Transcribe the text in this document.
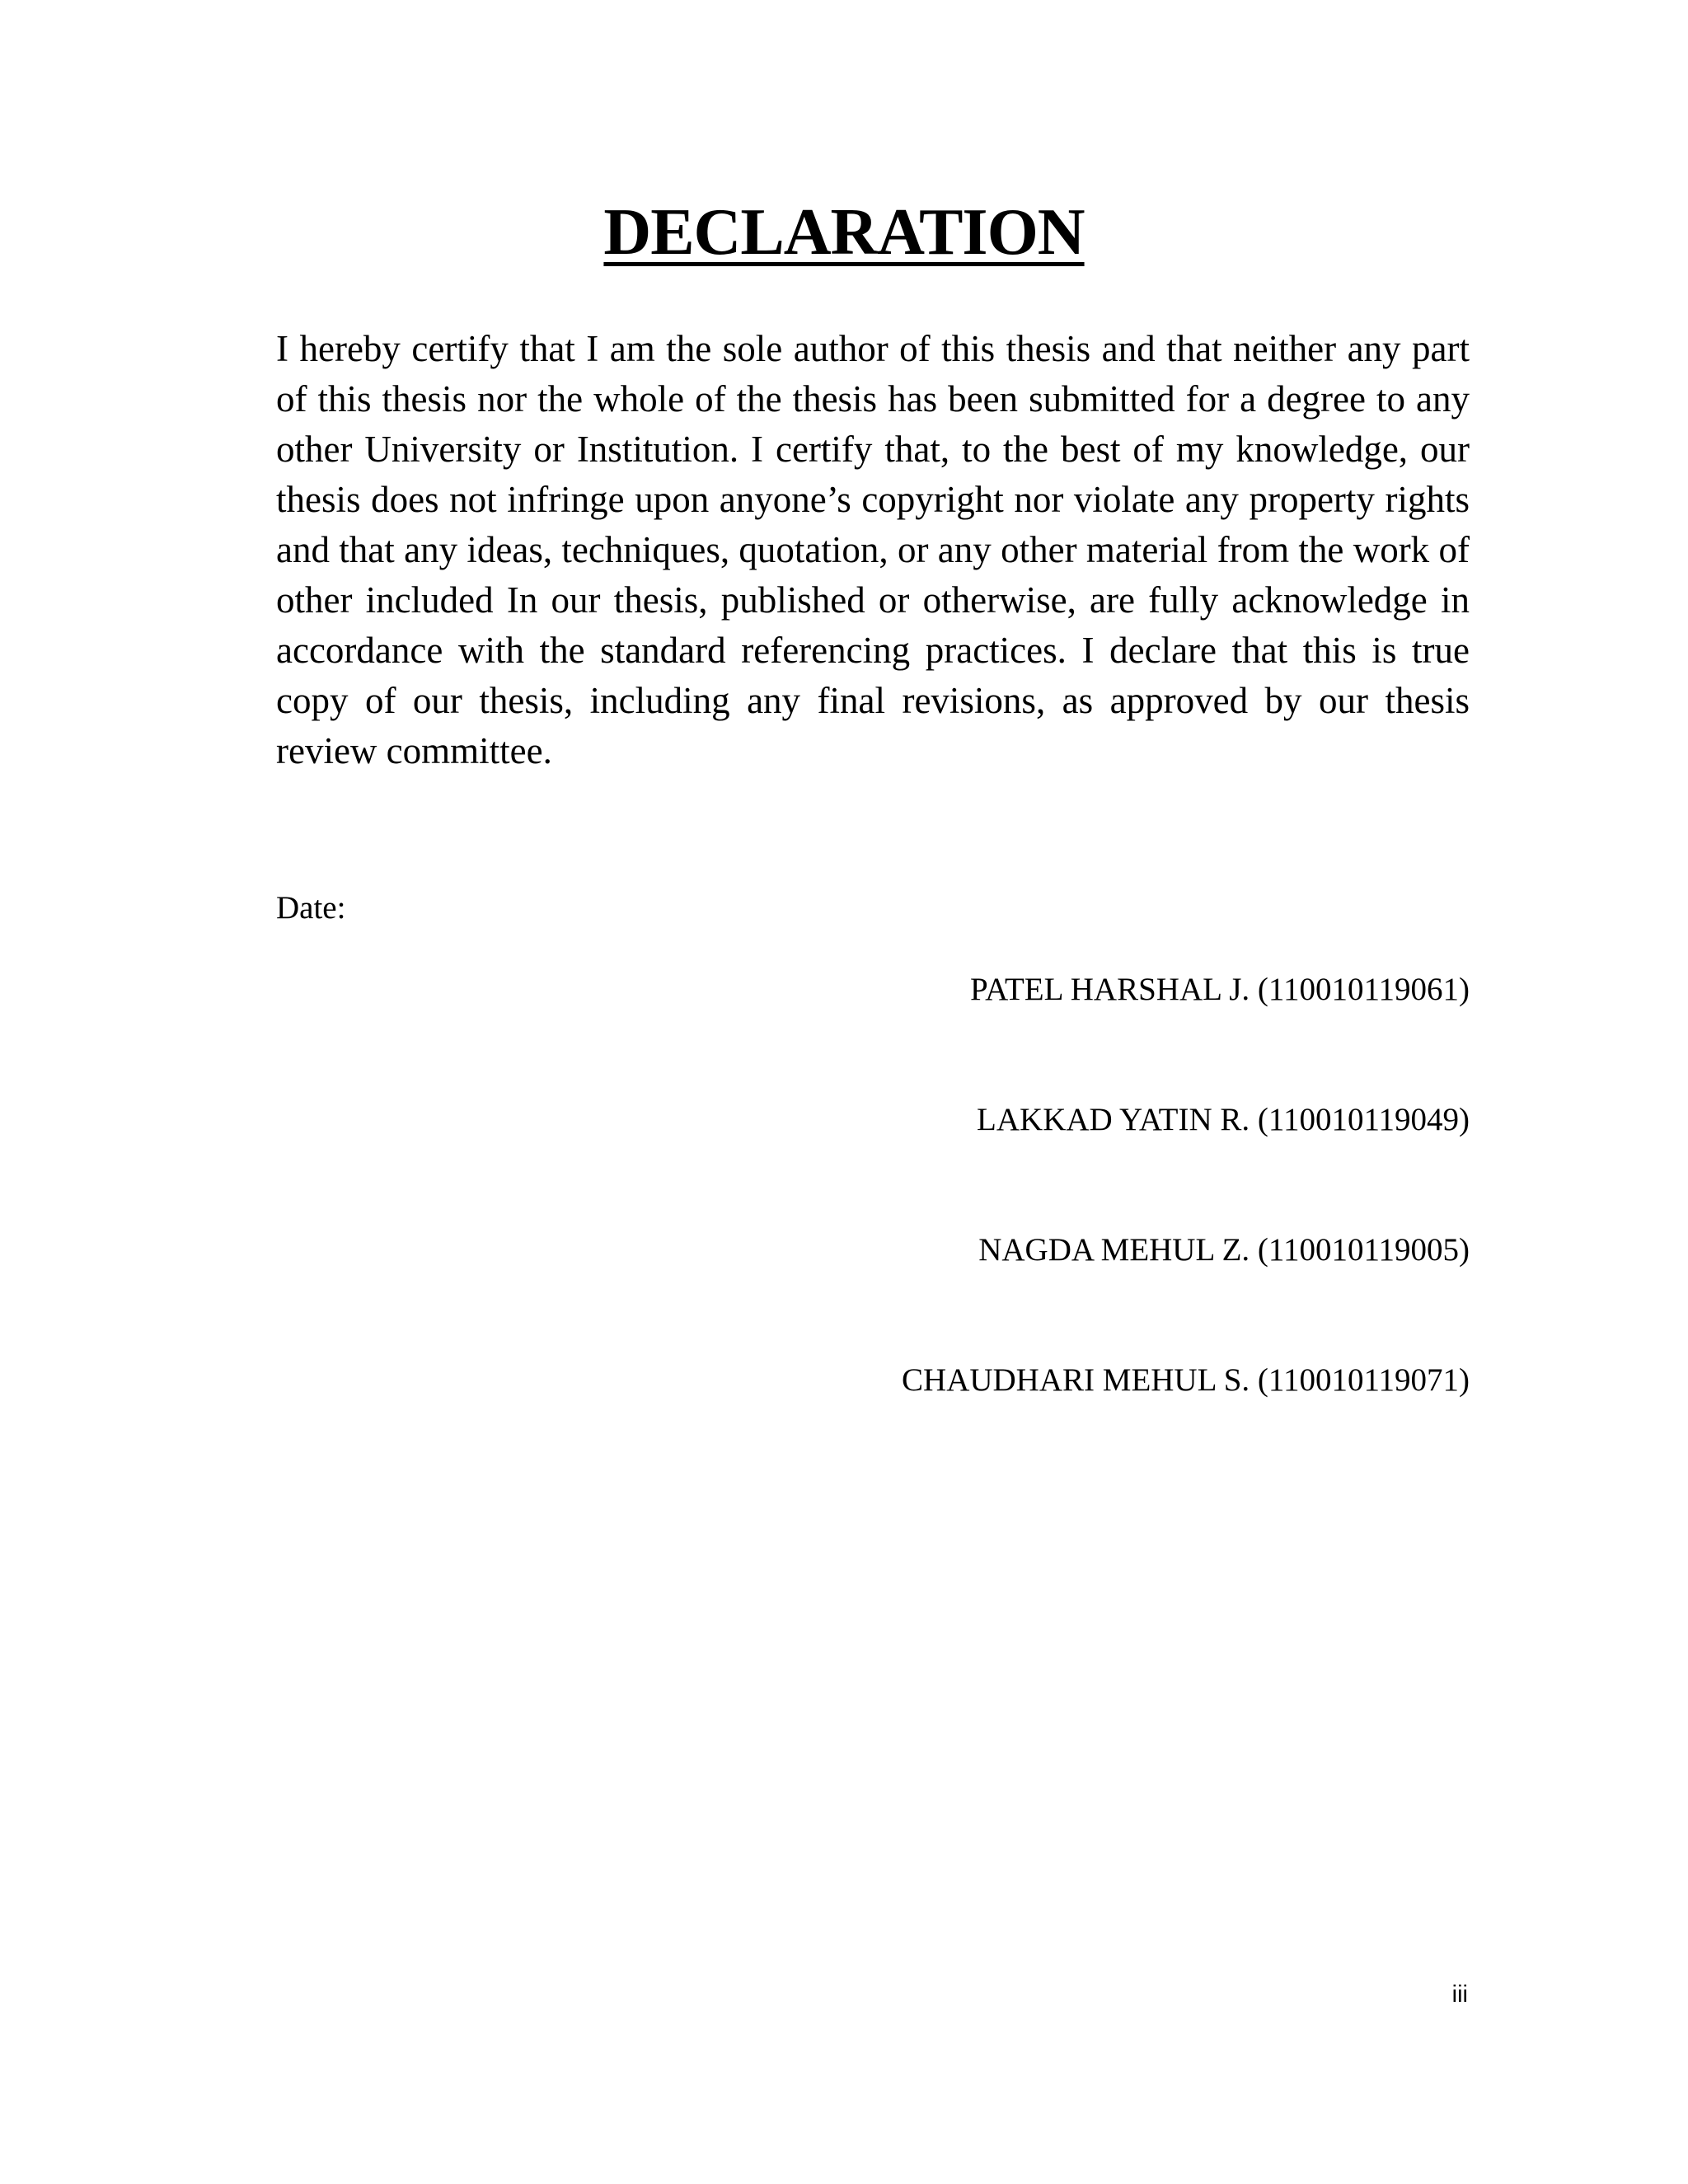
DECLARATION

I hereby certify that I am the sole author of this thesis and that neither any part of this thesis nor the whole of the thesis has been submitted for a degree to any other University or Institution. I certify that, to the best of my knowledge, our thesis does not infringe upon anyone’s copyright nor violate any property rights and that any ideas, techniques, quotation, or any other material from the work of other included In our thesis, published or otherwise, are fully acknowledge in accordance with the standard referencing practices. I declare that this is true copy of our thesis, including any final revisions, as approved by our thesis review committee.

Date:

PATEL HARSHAL J. (110010119061)
LAKKAD YATIN R. (110010119049)
NAGDA MEHUL Z. (110010119005)
CHAUDHARI MEHUL S. (110010119071)

iii
